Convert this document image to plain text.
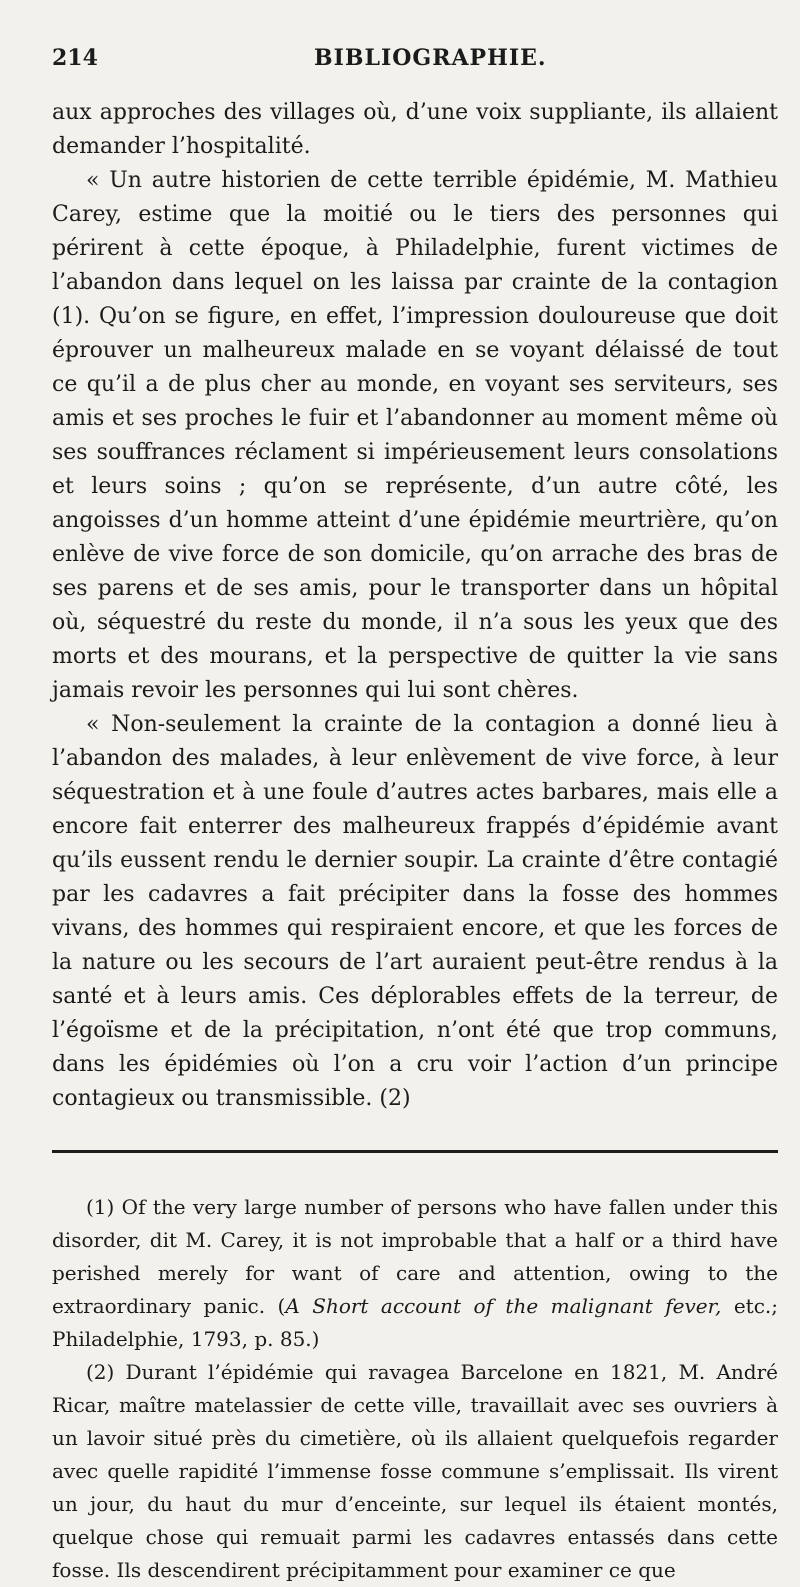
214	BIBLIOGRAPHIE.

aux approches des villages où, d’une voix suppliante, ils allaient demander l’hospitalité.

« Un autre historien de cette terrible épidémie, M. Mathieu Carey, estime que la moitié ou le tiers des personnes qui périrent à cette époque, à Philadelphie, furent victimes de l’abandon dans lequel on les laissa par crainte de la contagion (1). Qu’on se figure, en effet, l’impression douloureuse que doit éprouver un malheureux malade en se voyant délaissé de tout ce qu’il a de plus cher au monde, en voyant ses serviteurs, ses amis et ses proches le fuir et l’abandonner au moment même où ses souffrances réclament si impérieusement leurs consolations et leurs soins ; qu’on se représente, d’un autre côté, les angoisses d’un homme atteint d’une épidémie meurtrière, qu’on enlève de vive force de son domicile, qu’on arrache des bras de ses parens et de ses amis, pour le transporter dans un hôpital où, séquestré du reste du monde, il n’a sous les yeux que des morts et des mourans, et la perspective de quitter la vie sans jamais revoir les personnes qui lui sont chères.

« Non-seulement la crainte de la contagion a donné lieu à l’abandon des malades, à leur enlèvement de vive force, à leur séquestration et à une foule d’autres actes barbares, mais elle a encore fait enterrer des malheureux frappés d’épidémie avant qu’ils eussent rendu le dernier soupir. La crainte d’être contagié par les cadavres a fait précipiter dans la fosse des hommes vivans, des hommes qui respiraient encore, et que les forces de la nature ou les secours de l’art auraient peut-être rendus à la santé et à leurs amis. Ces déplorables effets de la terreur, de l’égoïsme et de la précipitation, n’ont été que trop communs, dans les épidémies où l’on a cru voir l’action d’un principe contagieux ou transmissible. (2)

(1) Of the very large number of persons who have fallen under this disorder, dit M. Carey, it is not improbable that a half or a third have perished merely for want of care and attention, owing to the extraordinary panic. (A Short account of the malignant fever, etc.; Philadelphie, 1793, p. 85.)

(2) Durant l’épidémie qui ravagea Barcelone en 1821, M. André Ricar, maître matelassier de cette ville, travaillait avec ses ouvriers à un lavoir situé près du cimetière, où ils allaient quelquefois regarder avec quelle rapidité l’immense fosse commune s’emplissait. Ils virent un jour, du haut du mur d’enceinte, sur lequel ils étaient montés, quelque chose qui remuait parmi les cadavres entassés dans cette fosse. Ils descendirent précipitamment pour examiner ce que
